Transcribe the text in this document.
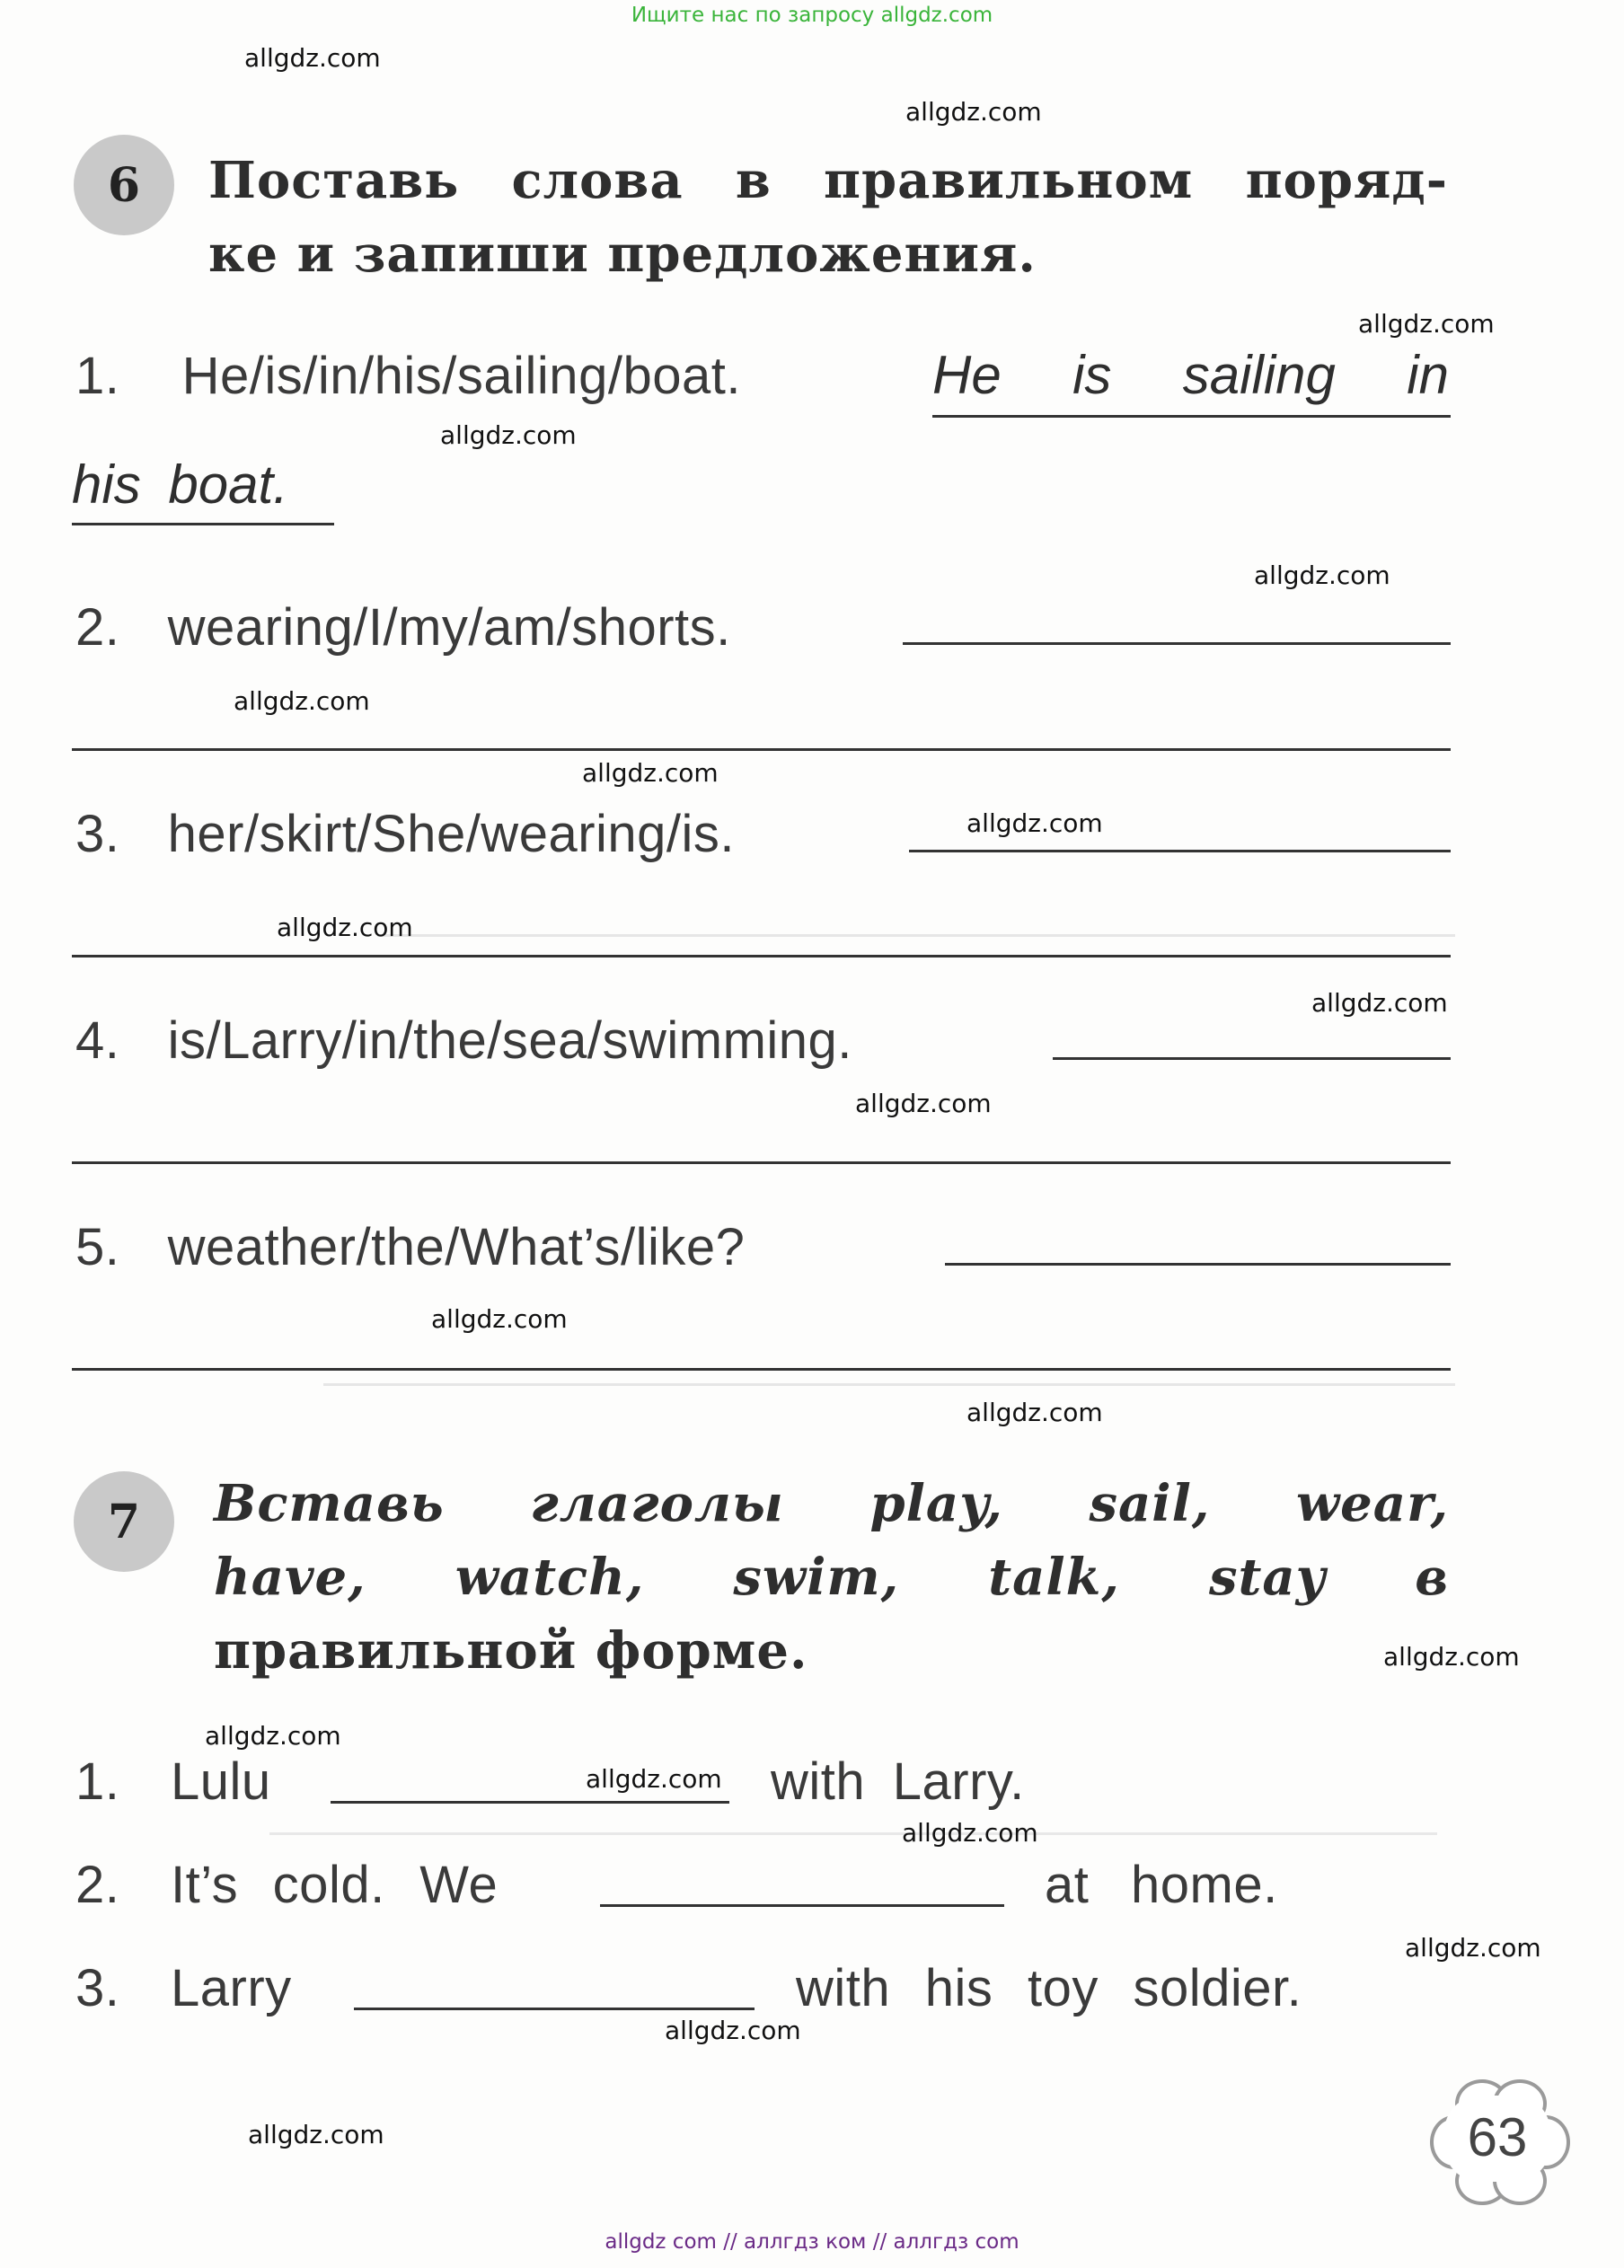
Ищите нас по запросу allgdz.com
allgdz com // аллгдз ком // аллгдз com
6 Поставь слова в правильном поряд-
ке и запиши предложения.
1. He/is/in/his/sailing/boat.	He is sailing in
his boat.
2. wearing/I/my/am/shorts.
3. her/skirt/She/wearing/is.
4. is/Larry/in/the/sea/swimming.
5. weather/the/What’s/like?
7 Вставь глаголы play, sail, wear,
have, watch, swim, talk, stay в
правильной форме.
1. Lulu	with Larry.
2. It’s cold. We	at home.
3. Larry	with his toy soldier.
63
allgdz.com
allgdz.com
allgdz.com
allgdz.com
allgdz.com
allgdz.com
allgdz.com
allgdz.com
allgdz.com
allgdz.com
allgdz.com
allgdz.com
allgdz.com
allgdz.com
allgdz.com
allgdz.com
allgdz.com
allgdz.com
allgdz.com
allgdz.com
